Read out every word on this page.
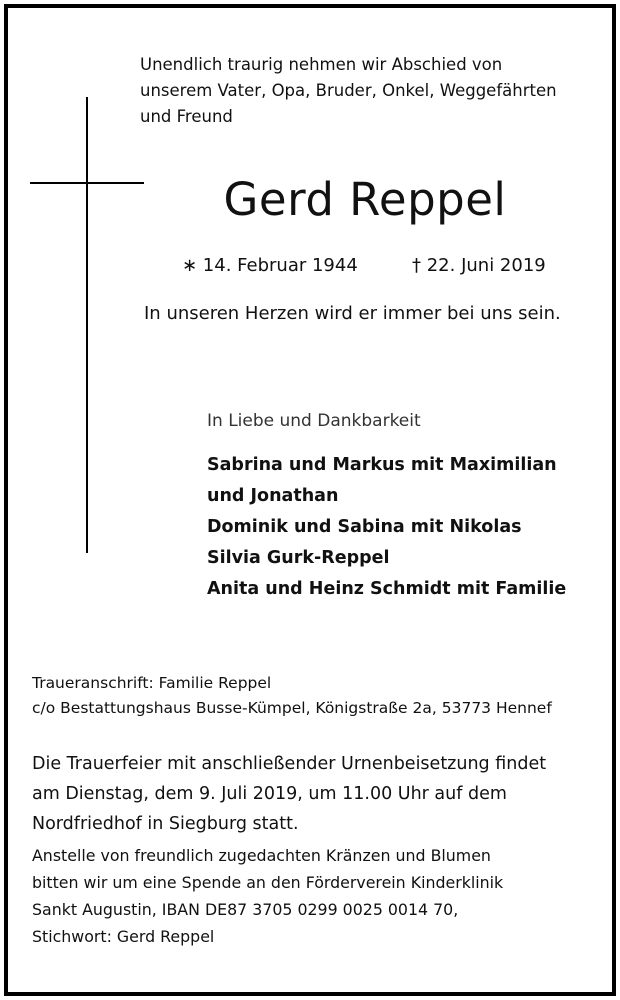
Unendlich traurig nehmen wir Abschied von
unserem Vater, Opa, Bruder, Onkel, Weggefährten
und Freund
Gerd Reppel
∗ 14. Februar 1944	† 22. Juni 2019
In unseren Herzen wird er immer bei uns sein.
In Liebe und Dankbarkeit
Sabrina und Markus mit Maximilian
und Jonathan
Dominik und Sabina mit Nikolas
Silvia Gurk-Reppel
Anita und Heinz Schmidt mit Familie
Traueranschrift: Familie Reppel
c/o Bestattungshaus Busse-Kümpel, Königstraße 2a, 53773 Hennef
Die Trauerfeier mit anschließender Urnenbeisetzung findet
am Dienstag, dem 9. Juli 2019, um 11.00 Uhr auf dem
Nordfriedhof in Siegburg statt.
Anstelle von freundlich zugedachten Kränzen und Blumen
bitten wir um eine Spende an den Förderverein Kinderklinik
Sankt Augustin, IBAN DE87 3705 0299 0025 0014 70,
Stichwort: Gerd Reppel
